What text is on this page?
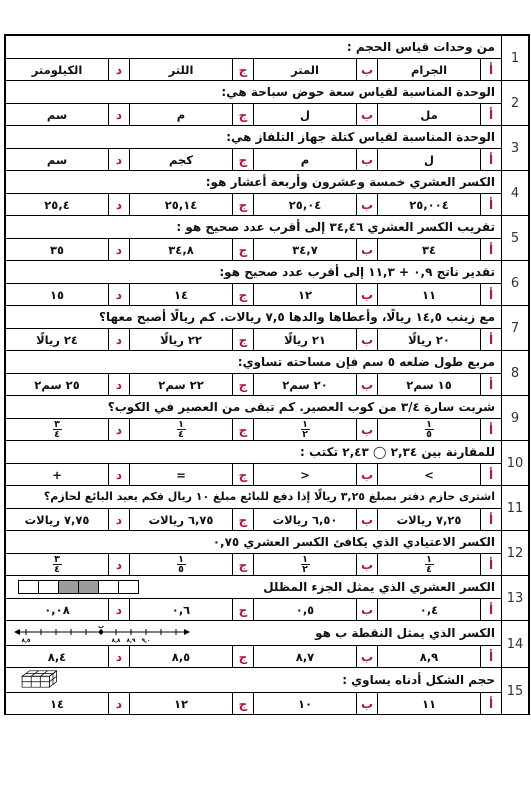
1
من وحدات قياس الحجم :
أ
الجرام
ب
المتر
ج
اللتر
د
الكيلومتر
2
الوحدة المناسبة لقياس سعة حوض سباحة هي:
أ
مل
ب
ل
ج
م
د
سم
3
الوحدة المناسبة لقياس كتلة جهاز التلفاز هي:
أ
ل
ب
م
ج
كجم
د
سم
4
الكسر العشري خمسة وعشرون وأربعة أعشار هو:
أ
٢٥,٠٠٤
ب
٢٥,٠٤
ج
٢٥,١٤
د
٢٥,٤
5
تقريب الكسر العشري ٣٤,٤٦ إلى أقرب عدد صحيح هو :
أ
٣٤
ب
٣٤,٧
ج
٣٤,٨
د
٣٥
6
تقدير ناتج ٠,٩ + ١١,٣ إلى أقرب عدد صحيح هو:
أ
١١
ب
١٢
ج
١٤
د
١٥
7
مع زينب ١٤,٥ ريالًا، وأعطاها والدها ٧,٥ ريالات. كم ريالًا أصبح معها؟
أ
٢٠ ريالًا
ب
٢١ ريالًا
ج
٢٢ ريالًا
د
٢٤ ريالًا
8
مربع طول ضلعه ٥ سم فإن مساحته تساوي:
أ
١٥ سم٢
ب
٢٠ سم٢
ج
٢٢ سم٢
د
٢٥ سم٢
9
شربت سارة ٣/٤ من كوب العصير. كم تبقى من العصير في الكوب؟
أ
$\frac{١}{٥}$
ب
$\frac{١}{٢}$
ج
$\frac{١}{٤}$
د
$\frac{٣}{٤}$
10
للمقارنة بين ٢,٣٤ ◯ ٢,٤٣ تكتب :
أ
>
ب
<
ج
=
د
+
11
اشترى حازم دفتر بمبلغ ٣,٢٥ ريالًا إذا دفع للبائع مبلغ ١٠ ريال فكم يعيد البائع لحازم؟
أ
٧,٢٥ ريالات
ب
٦,٥٠ ريالات
ج
٦,٧٥ ريالات
د
٧,٧٥ ريالات
12
الكسر الاعتيادي الذي يكافئ الكسر العشري ٠,٧٥
أ
$\frac{١}{٤}$
ب
$\frac{١}{٢}$
ج
$\frac{١}{٥}$
د
$\frac{٣}{٤}$
13
الكسر العشري الذي يمثل الجزء المظلل
أ
٠,٤
ب
٠,٥
ج
٠,٦
د
٠,٠٨
14
الكسر الذي يمثل النقطة ب هو
ب
٨,٥	٨,٨ ٨,٩ ٩,٠
أ
٨,٩
ب
٨,٧
ج
٨,٥
د
٨,٤
15
حجم الشكل أدناه يساوي :
أ
١١
ب
١٠
ج
١٢
د
١٤
